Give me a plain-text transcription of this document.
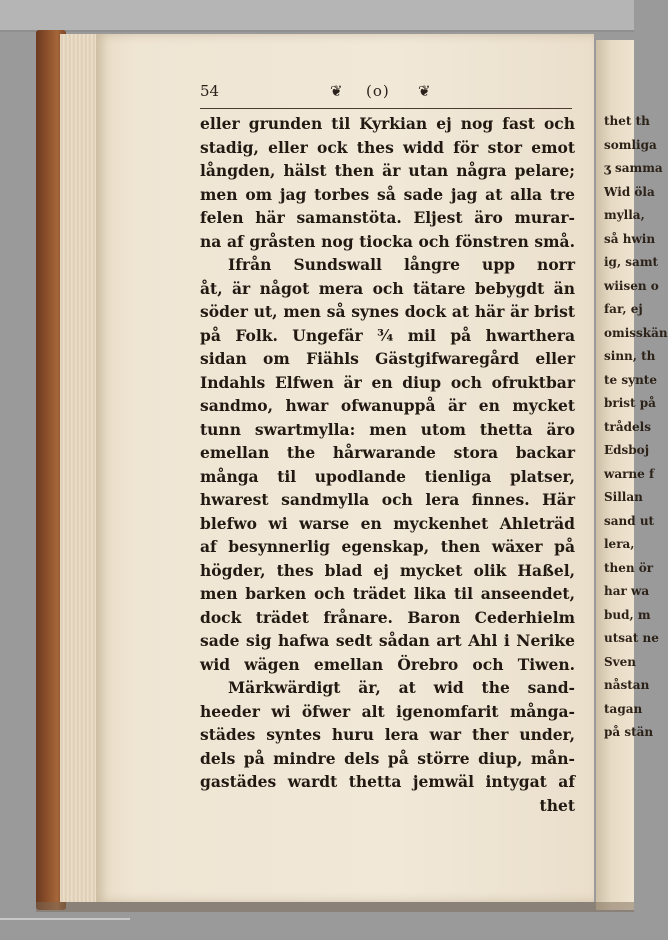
thet th
somliga
ʒ samma
Wid öla
mylla,
så hwin
ig, samt
wiisen o
far, ej
omisskän
sinn, th
te synte
brist på
trådels
Edsboj
warne f
Sillan
sand ut
lera,
then ör
har wa
bud, m
utsat ne
Sven
nåstan
tagan
på stän
54	❦ (o) ❦
eller grunden til Kyrkian ej nog fast och
stadig, eller ock thes widd för stor emot
långden, hälst then är utan några pelare;
men om jag torbes så sade jag at alla tre
felen här samanstöta. Eljest äro murar-
na af gråsten nog tiocka och fönstren små.
Ifrån Sundswall långre upp norr
åt, är något mera och tätare bebygdt än
söder ut, men så synes dock at här är brist
på Folk. Ungefär ¾ mil på hwarthera
sidan om Fiähls Gästgifwaregård eller
Indahls Elfwen är en diup och ofruktbar
sandmo, hwar ofwanuppå är en mycket
tunn swartmylla: men utom thetta äro
emellan the hårwarande stora backar
många til upodlande tienliga platser,
hwarest sandmylla och lera finnes. Här
blefwo wi warse en myckenhet Ahleträd
af besynnerlig egenskap, then wäxer på
högder, thes blad ej mycket olik Haßel,
men barken och trädet lika til anseendet,
dock trädet frånare. Baron Cederhielm
sade sig hafwa sedt sådan art Ahl i Nerike
wid wägen emellan Örebro och Tiwen.
Märkwärdigt är, at wid the sand-
heeder wi öfwer alt igenomfarit många-
städes syntes huru lera war ther under,
dels på mindre dels på större diup, mån-
gastädes wardt thetta jemwäl intygat af
thet
